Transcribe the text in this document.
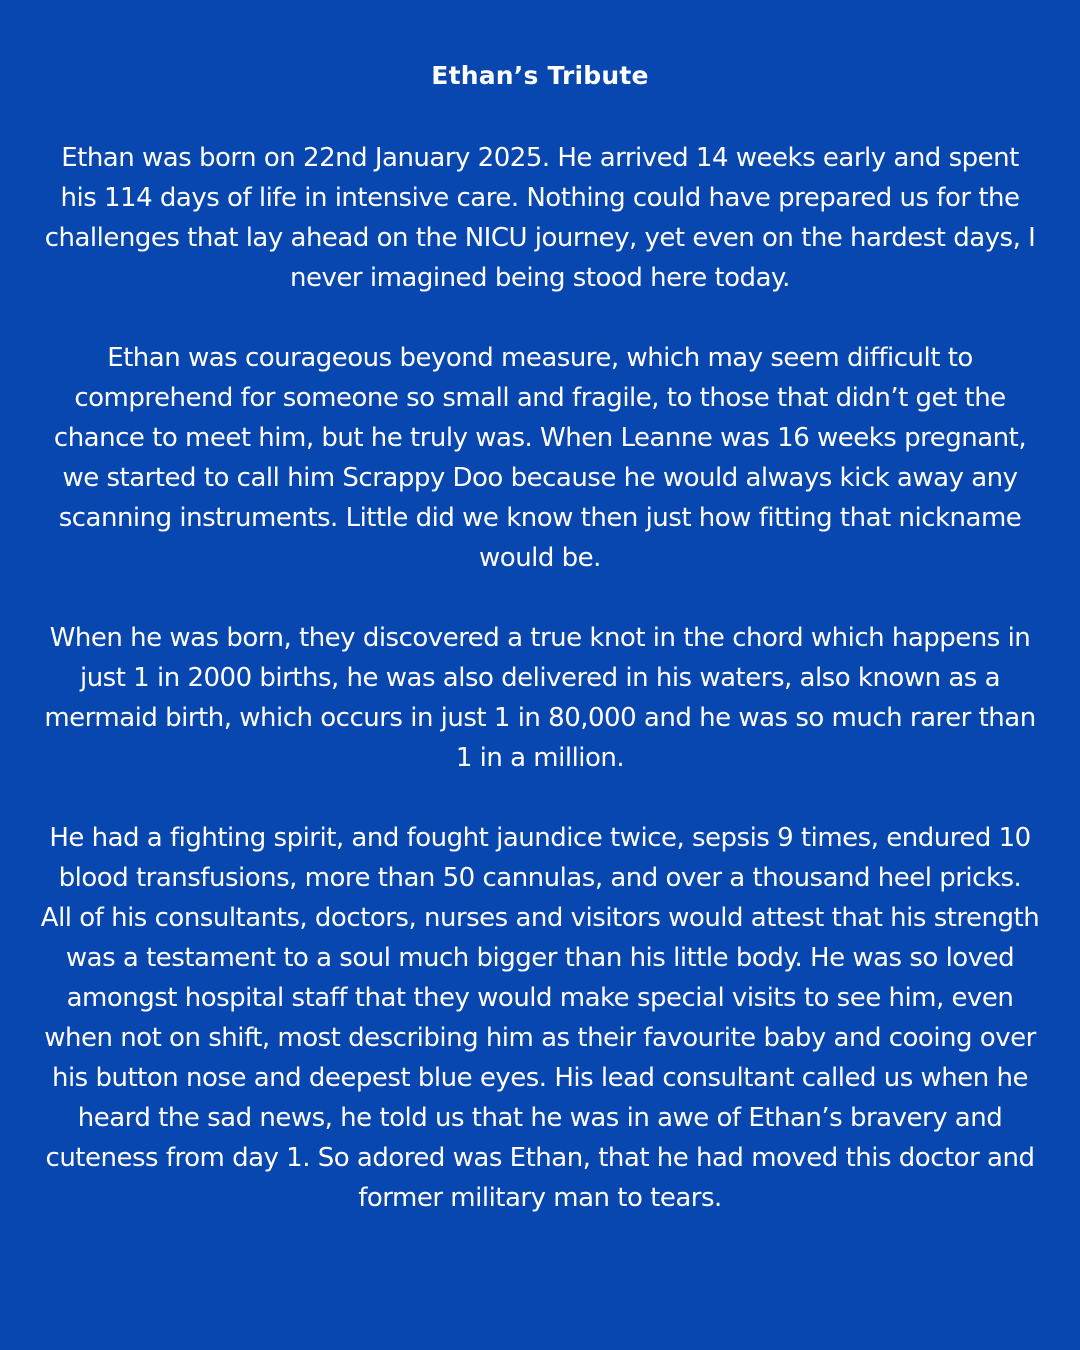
Ethan’s Tribute

Ethan was born on 22nd January 2025. He arrived 14 weeks early and spent his 114 days of life in intensive care. Nothing could have prepared us for the challenges that lay ahead on the NICU journey, yet even on the hardest days, I never imagined being stood here today.

Ethan was courageous beyond measure, which may seem difficult to comprehend for someone so small and fragile, to those that didn’t get the chance to meet him, but he truly was. When Leanne was 16 weeks pregnant, we started to call him Scrappy Doo because he would always kick away any scanning instruments. Little did we know then just how fitting that nickname would be.

When he was born, they discovered a true knot in the chord which happens in just 1 in 2000 births, he was also delivered in his waters, also known as a mermaid birth, which occurs in just 1 in 80,000 and he was so much rarer than 1 in a million.

He had a fighting spirit, and fought jaundice twice, sepsis 9 times, endured 10 blood transfusions, more than 50 cannulas, and over a thousand heel pricks. All of his consultants, doctors, nurses and visitors would attest that his strength was a testament to a soul much bigger than his little body. He was so loved amongst hospital staff that they would make special visits to see him, even when not on shift, most describing him as their favourite baby and cooing over his button nose and deepest blue eyes. His lead consultant called us when he heard the sad news, he told us that he was in awe of Ethan’s bravery and cuteness from day 1. So adored was Ethan, that he had moved this doctor and former military man to tears.
